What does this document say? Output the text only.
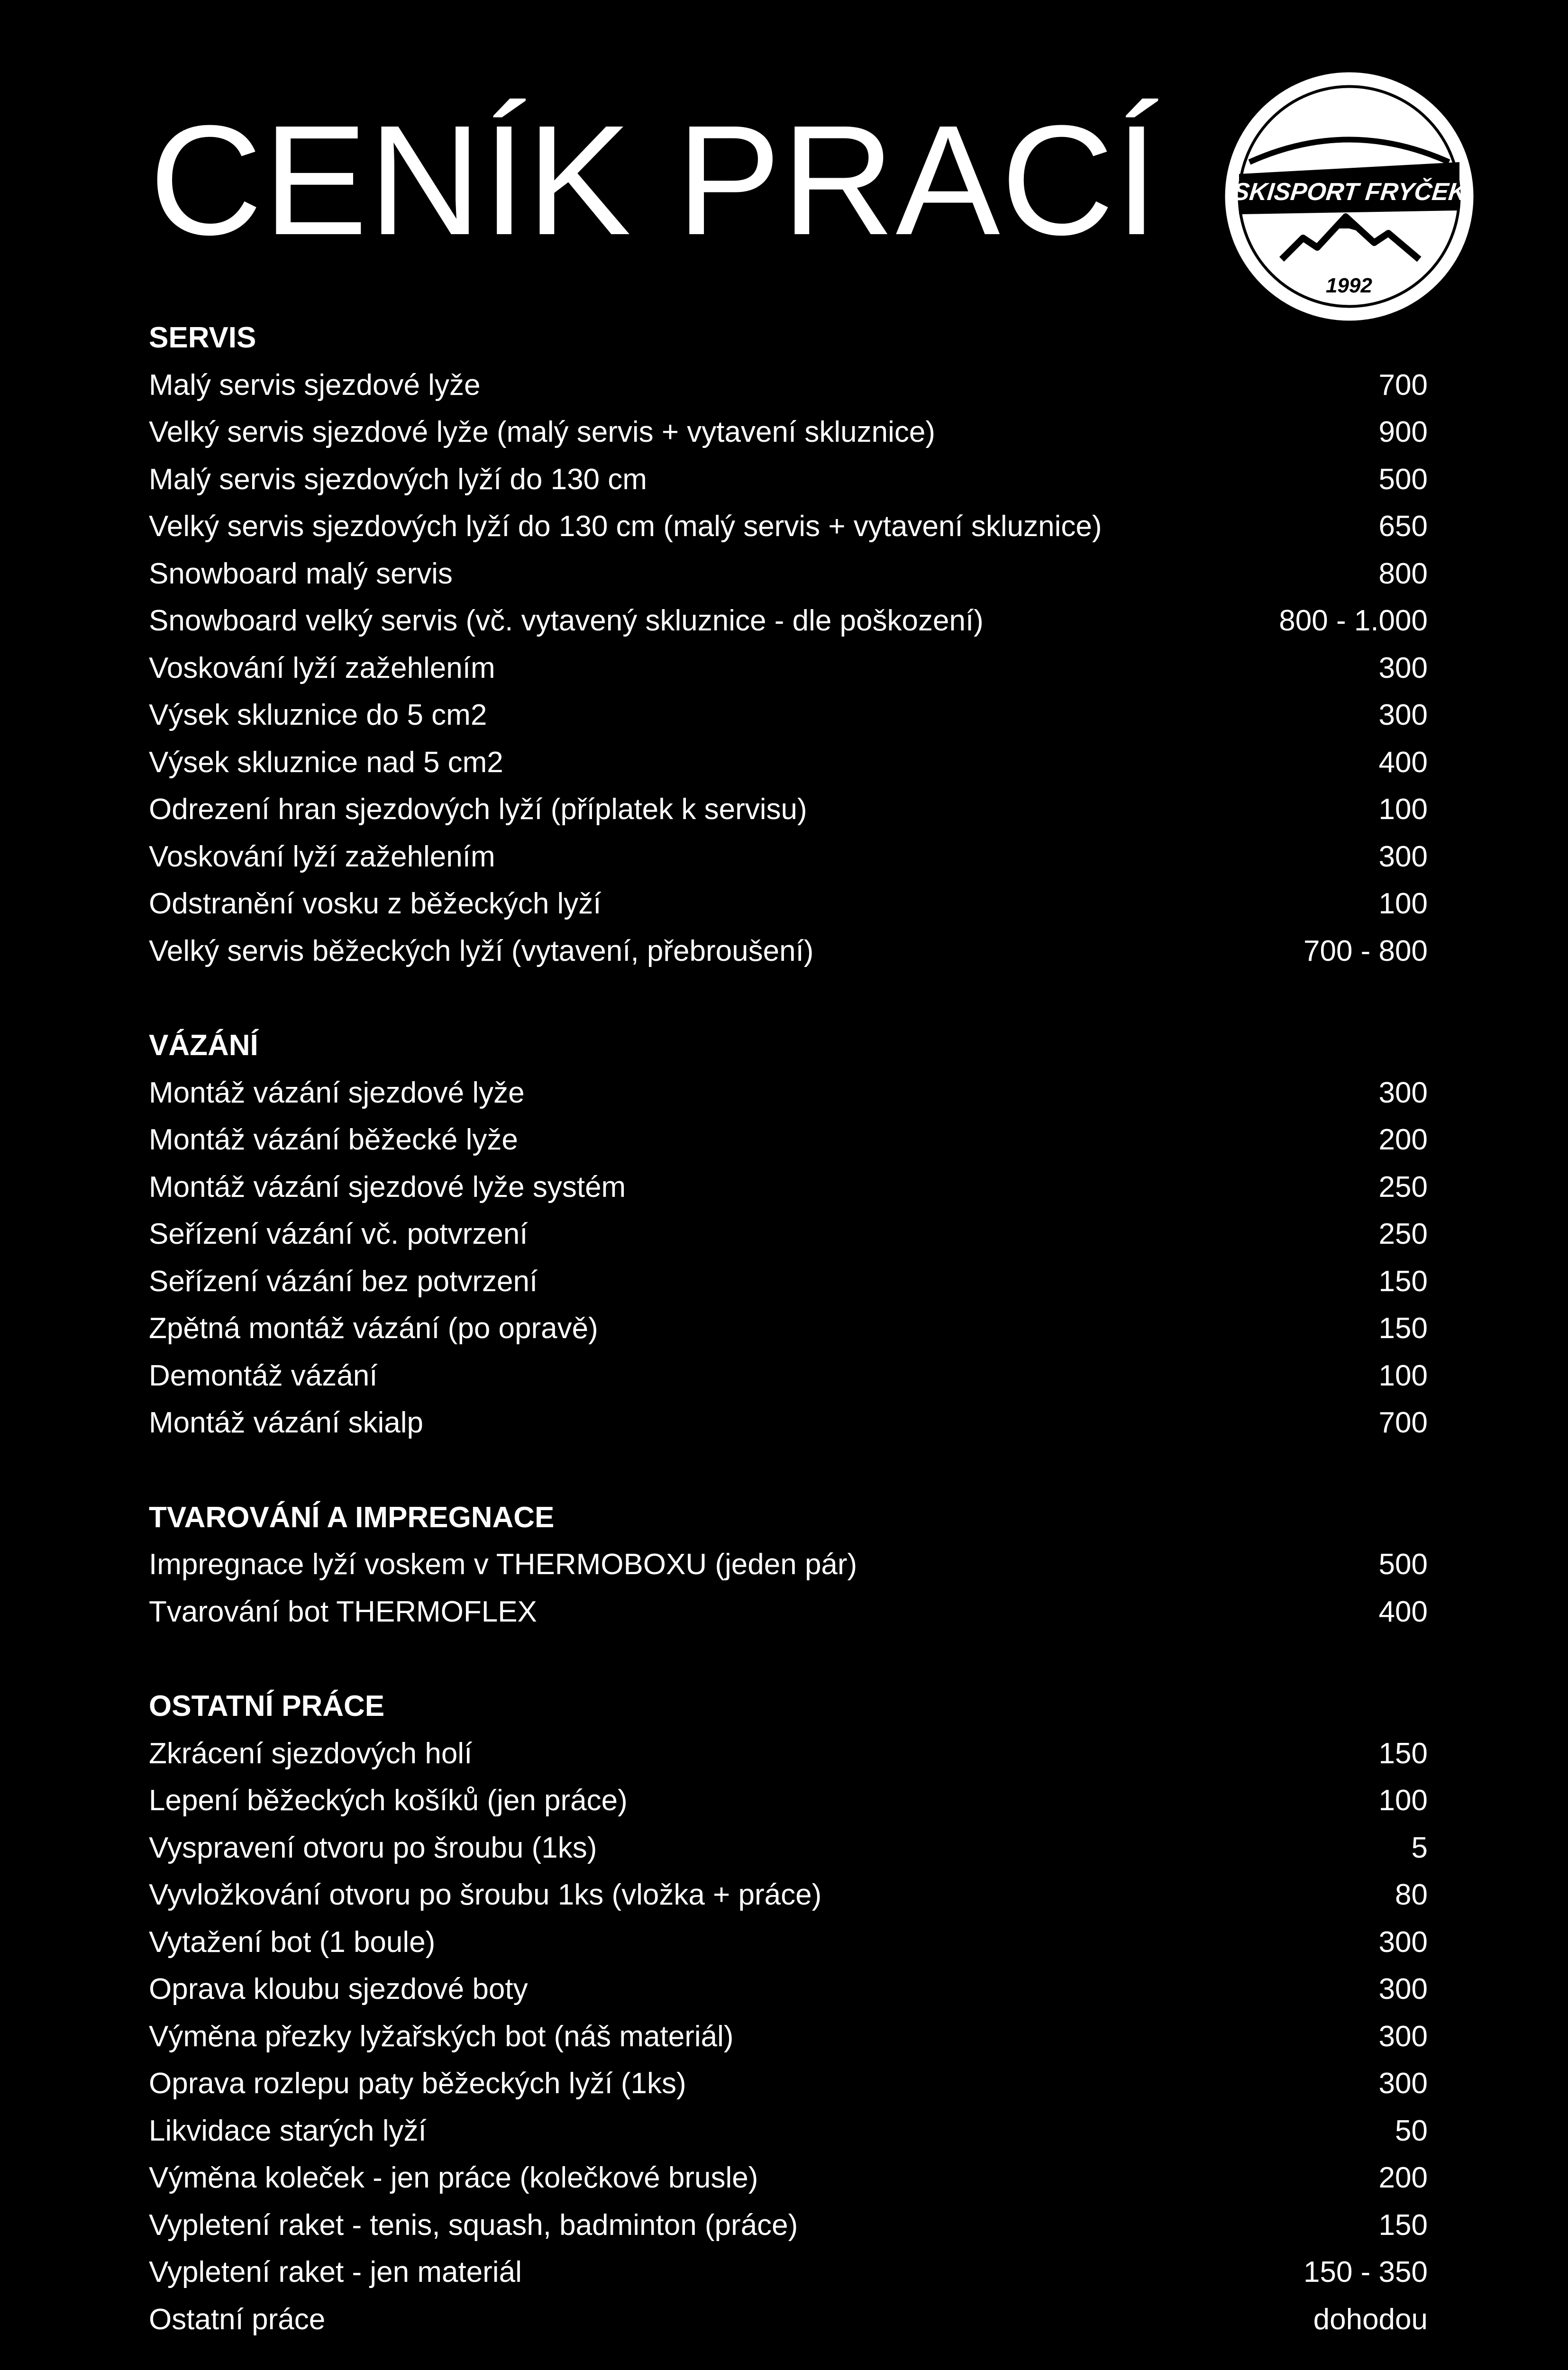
CENÍK PRACÍ	SKISPORT FRYČEK
1992
SERVIS
Malý servis sjezdové lyže	700
Velký servis sjezdové lyže (malý servis + vytavení skluznice)	900
Malý servis sjezdových lyží do 130 cm	500
Velký servis sjezdových lyží do 130 cm (malý servis + vytavení skluznice)	650
Snowboard malý servis	800
Snowboard velký servis (vč. vytavený skluznice - dle poškození)	800 - 1.000
Voskování lyží zažehlením	300
Výsek skluznice do 5 cm2	300
Výsek skluznice nad 5 cm2	400
Odrezení hran sjezdových lyží (příplatek k servisu)	100
Voskování lyží zažehlením	300
Odstranění vosku z běžeckých lyží	100
Velký servis běžeckých lyží (vytavení, přebroušení)	700 - 800
VÁZÁNÍ
Montáž vázání sjezdové lyže	300
Montáž vázání běžecké lyže	200
Montáž vázání sjezdové lyže systém	250
Seřízení vázání vč. potvrzení	250
Seřízení vázání bez potvrzení	150
Zpětná montáž vázání (po opravě)	150
Demontáž vázání	100
Montáž vázání skialp	700
TVAROVÁNÍ A IMPREGNACE
Impregnace lyží voskem v THERMOBOXU (jeden pár)	500
Tvarování bot THERMOFLEX	400
OSTATNÍ PRÁCE
Zkrácení sjezdových holí	150
Lepení běžeckých košíků (jen práce)	100
Vyspravení otvoru po šroubu (1ks)	5
Vyvložkování otvoru po šroubu 1ks (vložka + práce)	80
Vytažení bot (1 boule)	300
Oprava kloubu sjezdové boty	300
Výměna přezky lyžařských bot (náš materiál)	300
Oprava rozlepu paty běžeckých lyží (1ks)	300
Likvidace starých lyží	50
Výměna koleček - jen práce (kolečkové brusle)	200
Vypletení raket - tenis, squash, badminton (práce)	150
Vypletení raket - jen materiál	150 - 350
Ostatní práce	dohodou
